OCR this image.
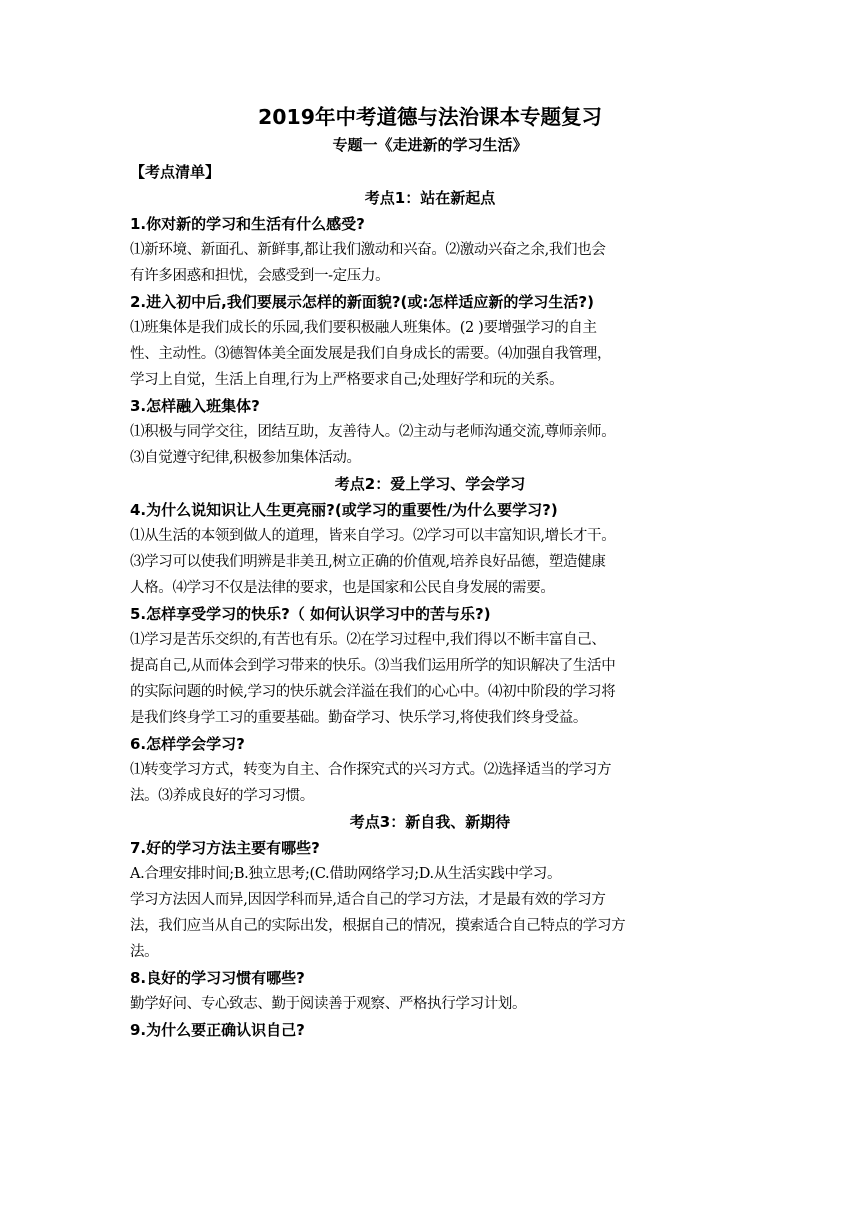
2019年中考道德与法治课本专题复习
专题一《走进新的学习生活》
【考点清单】
考点1：站在新起点
1.你对新的学习和生活有什么感受?
⑴新环境、新面孔、新鲜事,都让我们激动和兴奋。⑵激动兴奋之余,我们也会
有许多困惑和担忧，会感受到一-定压力。
2.进入初中后,我们要展示怎样的新面貌?(或:怎样适应新的学习生活?)
⑴班集体是我们成长的乐园,我们要积极融人班集体。(2 )要增强学习的自主
性、主动性。⑶德智体美全面发展是我们自身成长的需要。⑷加强自我管理，
学习上自觉，生活上自理,行为上严格要求自己;处理好学和玩的关系。
3.怎样融入班集体?
⑴积极与同学交往，团结互助，友善待人。⑵主动与老师沟通交流,尊师亲师。
⑶自觉遵守纪律,积极参加集体活动。
考点2：爱上学习、学会学习
4.为什么说知识让人生更亮丽?(或学习的重要性/为什么要学习?)
⑴从生活的本领到做人的道理，皆来自学习。⑵学习可以丰富知识,增长才干。
⑶学习可以使我们明辨是非美丑,树立正确的价值观,培养良好品德，塑造健康
人格。⑷学习不仅是法律的要求，也是国家和公民自身发展的需要。
5.怎样享受学习的快乐?（ 如何认识学习中的苦与乐?)
⑴学习是苦乐交织的,有苦也有乐。⑵在学习过程中,我们得以不断丰富自己、
提高自己,从而体会到学习带来的快乐。⑶当我们运用所学的知识解决了生活中
的实际问题的时候,学习的快乐就会洋溢在我们的心心中。⑷初中阶段的学习将
是我们终身学工习的重要基础。勤奋学习、快乐学习,将使我们终身受益。
6.怎样学会学习?
⑴转变学习方式，转变为自主、合作探究式的兴习方式。⑵选择适当的学习方
法。⑶养成良好的学习习惯。
考点3：新自我、新期待
7.好的学习方法主要有哪些?
A.合理安排时间;B.独立思考;(C.借助网络学习;D.从生活实践中学习。
学习方法因人而异,因因学科而异,适合自己的学习方法，才是最有效的学习方
法，我们应当从自己的实际出发，根据自己的情况，摸索适合自己特点的学习方
法。
8.良好的学习习惯有哪些?
勤学好问、专心致志、勤于阅读善于观察、严格执行学习计划。
9.为什么要正确认识自己?
